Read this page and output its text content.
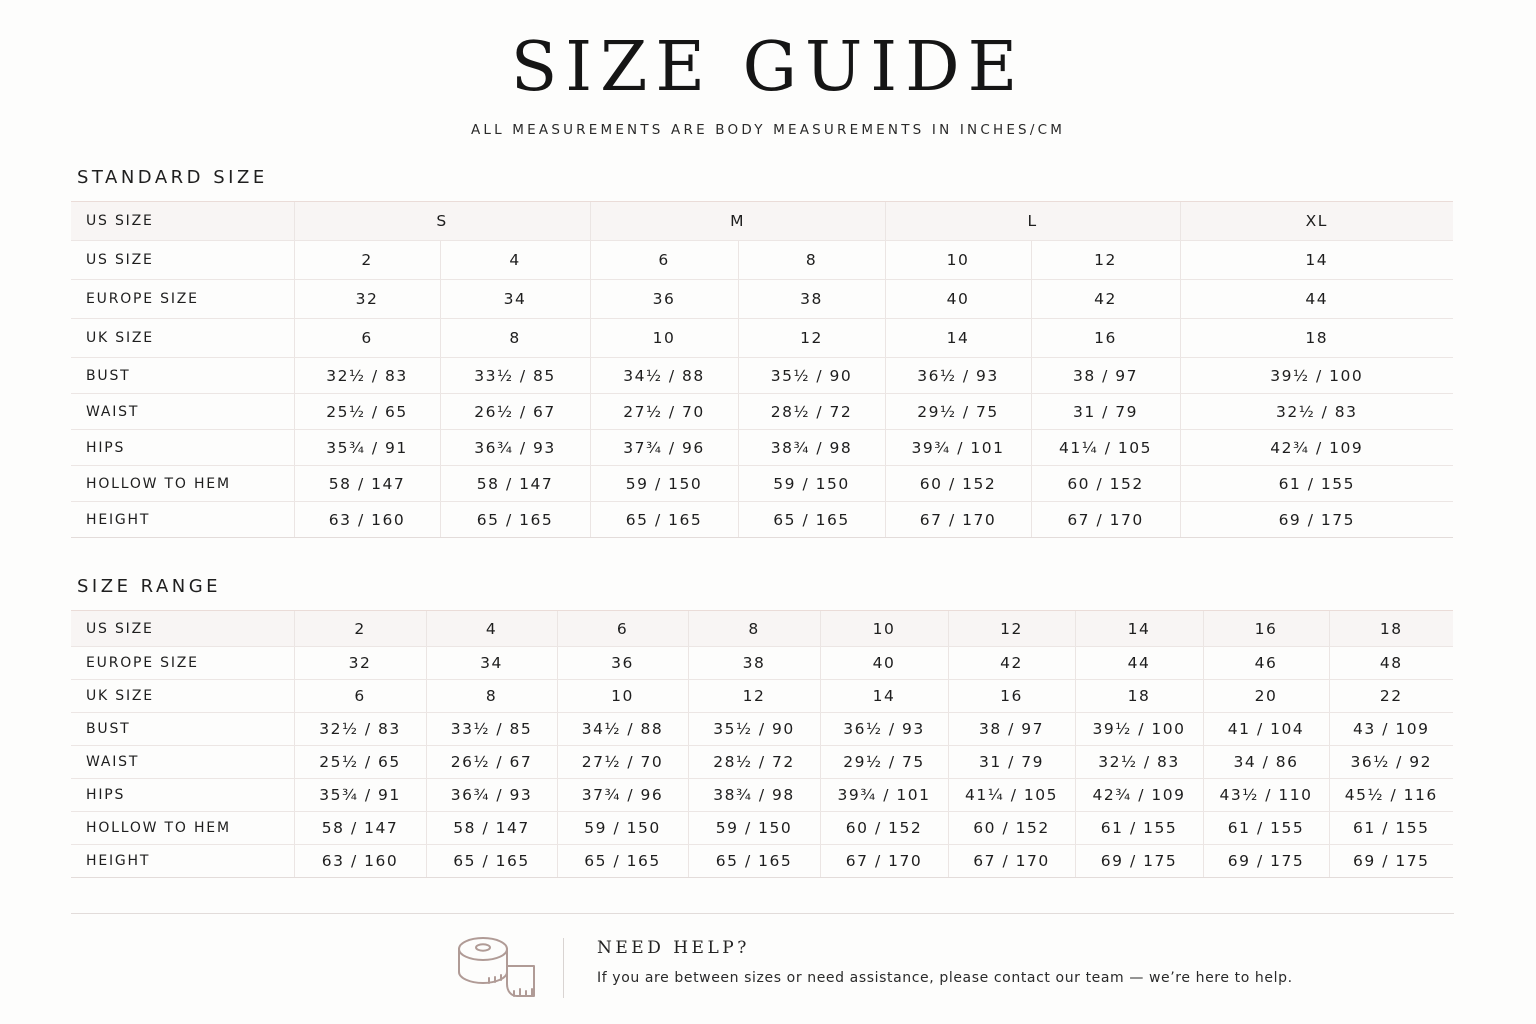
SIZE GUIDE
ALL MEASUREMENTS ARE BODY MEASUREMENTS IN INCHES/CM
STANDARD SIZE
US SIZE	S		M		L		XL
US SIZE	2	4	6	8	10	12	14
EUROPE SIZE	32	34	36	38	40	42	44
UK SIZE	6	8	10	12	14	16	18
BUST	32½ / 83	33½ / 85	34½ / 88	35½ / 90	36½ / 93	38 / 97	39½ / 100
WAIST	25½ / 65	26½ / 67	27½ / 70	28½ / 72	29½ / 75	31 / 79	32½ / 83
HIPS	35¾ / 91	36¾ / 93	37¾ / 96	38¾ / 98	39¾ / 101	41¼ / 105	42¾ / 109
HOLLOW TO HEM	58 / 147	58 / 147	59 / 150	59 / 150	60 / 152	60 / 152	61 / 155
HEIGHT	63 / 160	65 / 165	65 / 165	65 / 165	67 / 170	67 / 170	69 / 175
SIZE RANGE
US SIZE	2	4	6	8	10	12	14	16	18
EUROPE SIZE	32	34	36	38	40	42	44	46	48
UK SIZE	6	8	10	12	14	16	18	20	22
BUST	32½ / 83	33½ / 85	34½ / 88	35½ / 90	36½ / 93	38 / 97	39½ / 100	41 / 104	43 / 109
WAIST	25½ / 65	26½ / 67	27½ / 70	28½ / 72	29½ / 75	31 / 79	32½ / 83	34 / 86	36½ / 92
HIPS	35¾ / 91	36¾ / 93	37¾ / 96	38¾ / 98	39¾ / 101	41¼ / 105	42¾ / 109	43½ / 110	45½ / 116
HOLLOW TO HEM	58 / 147	58 / 147	59 / 150	59 / 150	60 / 152	60 / 152	61 / 155	61 / 155	61 / 155
HEIGHT	63 / 160	65 / 165	65 / 165	65 / 165	67 / 170	67 / 170	69 / 175	69 / 175	69 / 175
NEED HELP?
If you are between sizes or need assistance, please contact our team — we’re here to help.
